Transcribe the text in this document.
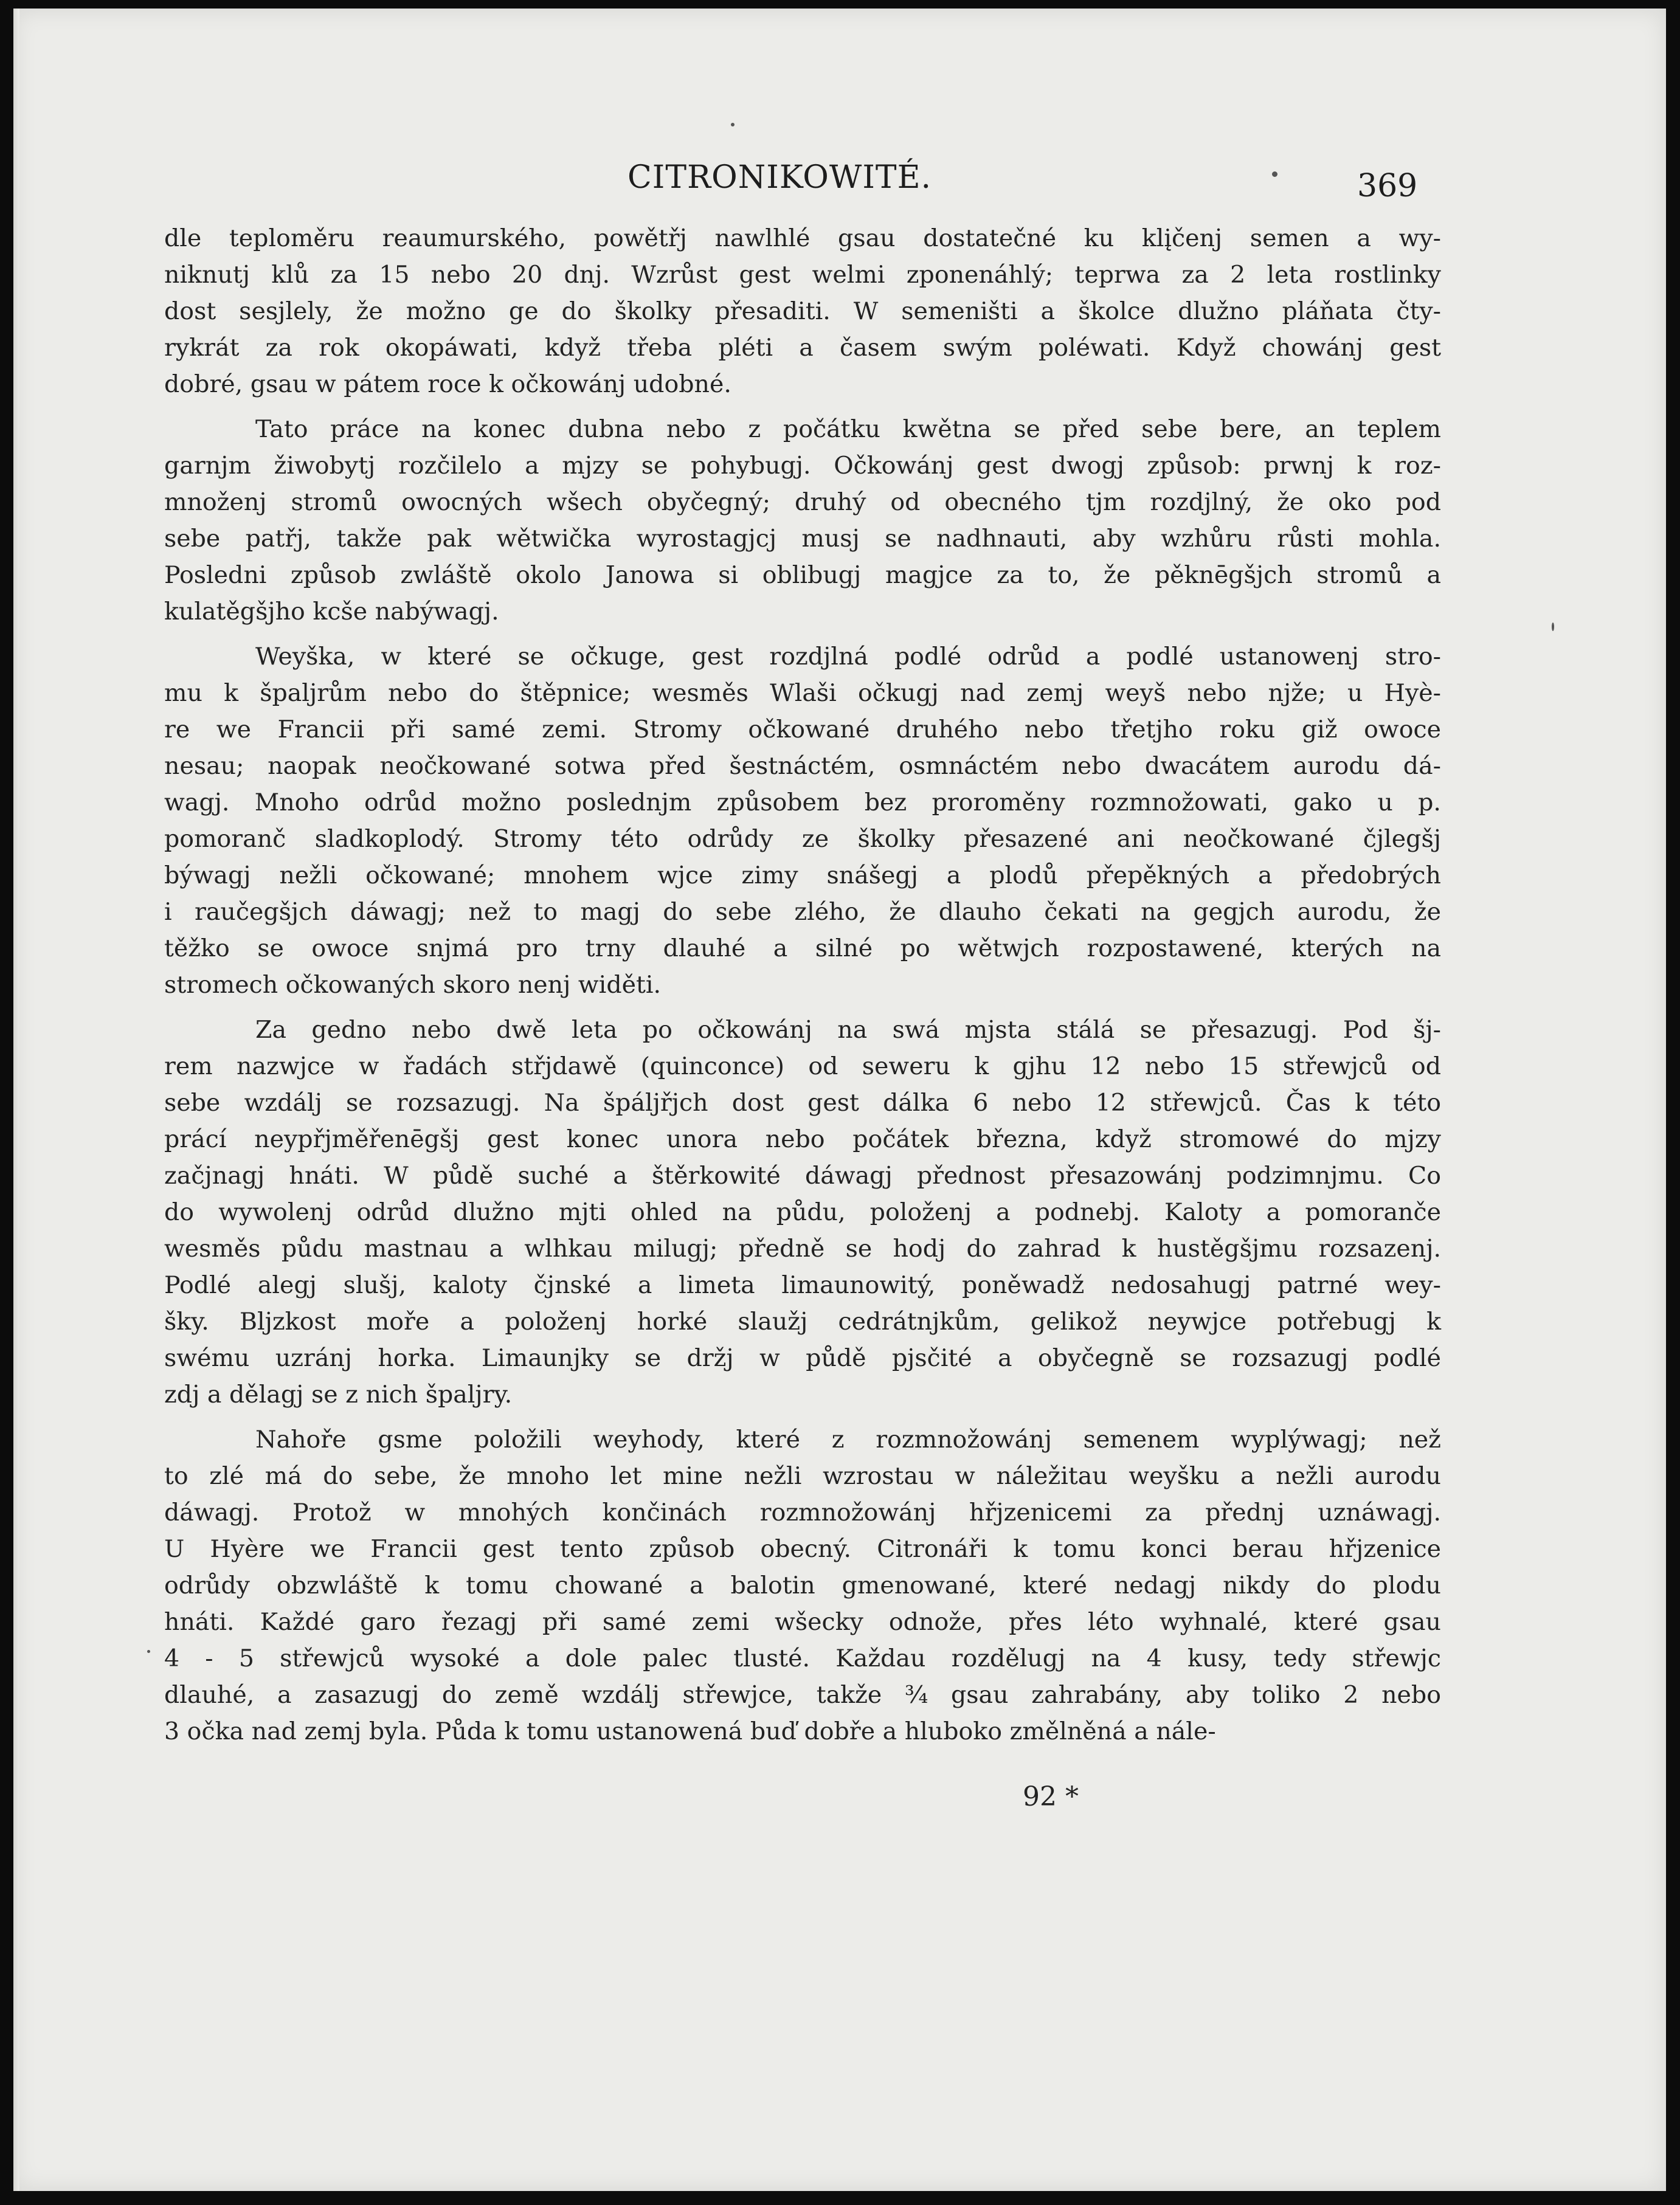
CITRONIKOWITÉ.	369
dle teploměru reaumurského, powětřj nawlhlé gsau dostatečné ku klįčenj semen a wy-
niknutj klů za 15 nebo 20 dnj. Wzrůst gest welmi zponenáhlý; teprwa za 2 leta rostlinky
dost sesjlely, že možno ge do školky přesaditi. W semeništi a školce dlužno pláňata čty-
rykrát za rok okopáwati, když třeba pléti a časem swým poléwati. Když chowánj gest
dobré, gsau w pátem roce k očkowánj udobné.
Tato práce na konec dubna nebo z počátku kwětna se před sebe bere, an teplem
garnjm žiwobytj rozčilelo a mjzy se pohybugj. Očkowánj gest dwogj způsob: prwnj k roz-
množenj stromů owocných wšech obyčegný; druhý od obecného tjm rozdjlný, že oko pod
sebe patřj, takže pak wětwička wyrostagjcj musj se nadhnauti, aby wzhůru růsti mohla.
Posledni způsob zwláště okolo Janowa si oblibugj magjce za to, že pěknēgšjch stromů a
kulatěgšjho kcše nabýwagj.
Weyška, w které se očkuge, gest rozdjlná podlé odrůd a podlé ustanowenj stro-
mu k špaljrům nebo do štěpnice; wesměs Wlaši očkugj nad zemj weyš nebo njže; u Hyè-
re we Francii při samé zemi. Stromy očkowané druhého nebo třetjho roku giž owoce
nesau; naopak neočkowané sotwa před šestnáctém, osmnáctém nebo dwacátem aurodu dá-
wagj. Mnoho odrůd možno poslednjm způsobem bez proroměny rozmnožowati, gako u p.
pomoranč sladkoplodý. Stromy této odrůdy ze školky přesazené ani neočkowané čjlegšj
býwagj nežli očkowané; mnohem wjce zimy snášegj a plodů přepěkných a předobrých
i raučegšjch dáwagj; než to magj do sebe zlého, že dlauho čekati na gegjch aurodu, že
těžko se owoce snjmá pro trny dlauhé a silné po wětwjch rozpostawené, kterých na
stromech očkowaných skoro nenj widěti.
Za gedno nebo dwě leta po očkowánj na swá mjsta stálá se přesazugj. Pod šj-
rem nazwjce w řadách střjdawě (quinconce) od seweru k gjhu 12 nebo 15 střewjců od
sebe wzdálj se rozsazugj. Na špáljřjch dost gest dálka 6 nebo 12 střewjců. Čas k této
prácí neypřjměřenēgšj gest konec unora nebo počátek března, když stromowé do mjzy
začjnagj hnáti. W půdě suché a štěrkowité dáwagj přednost přesazowánj podzimnjmu. Co
do wywolenj odrůd dlužno mjti ohled na půdu, položenj a podnebj. Kaloty a pomoranče
wesměs půdu mastnau a wlhkau milugj; předně se hodj do zahrad k hustěgšjmu rozsazenj.
Podlé alegj slušj, kaloty čjnské a limeta limaunowitý, poněwadž nedosahugj patrné wey-
šky. Bljzkost moře a položenj horké slaužj cedrátnjkům, gelikož neywjce potřebugj k
swému uzránj horka. Limaunjky se držj w půdě pjsčité a obyčegně se rozsazugj podlé
zdj a dělagj se z nich špaljry.
Nahoře gsme položili weyhody, které z rozmnožowánj semenem wyplýwagj; než
to zlé má do sebe, že mnoho let mine nežli wzrostau w náležitau weyšku a nežli aurodu
dáwagj. Protož w mnohých končinách rozmnožowánj hřjzenicemi za přednj uznáwagj.
U Hyère we Francii gest tento způsob obecný. Citronáři k tomu konci berau hřjzenice
odrůdy obzwláště k tomu chowané a balotin gmenowané, které nedagj nikdy do plodu
hnáti. Každé garo řezagj při samé zemi wšecky odnože, přes léto wyhnalé, které gsau
4 - 5 střewjců wysoké a dole palec tlusté. Každau rozdělugj na 4 kusy, tedy střewjc
dlauhé, a zasazugj do země wzdálj střewjce, takže ¾ gsau zahrabány, aby toliko 2 nebo
3 očka nad zemj byla. Půda k tomu ustanowená buď dobře a hluboko změlněná a nále-
92 *
